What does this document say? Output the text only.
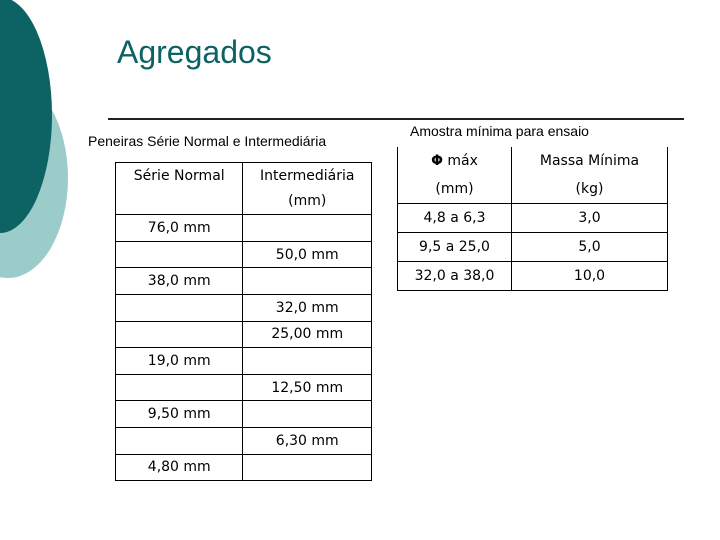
Agregados
Peneiras Série Normal e Intermediária
Amostra mínima para ensaio
Série Normal	Intermediária
	(mm)
76,0 mm	
	50,0 mm
38,0 mm	
	32,0 mm
	25,00 mm
19,0 mm	
	12,50 mm
9,50 mm	
	6,30 mm
4,80 mm	
Φ máx	Massa Mínima
(mm)	(kg)
4,8 a 6,3	3,0
9,5 a 25,0	5,0
32,0 a 38,0	10,0
